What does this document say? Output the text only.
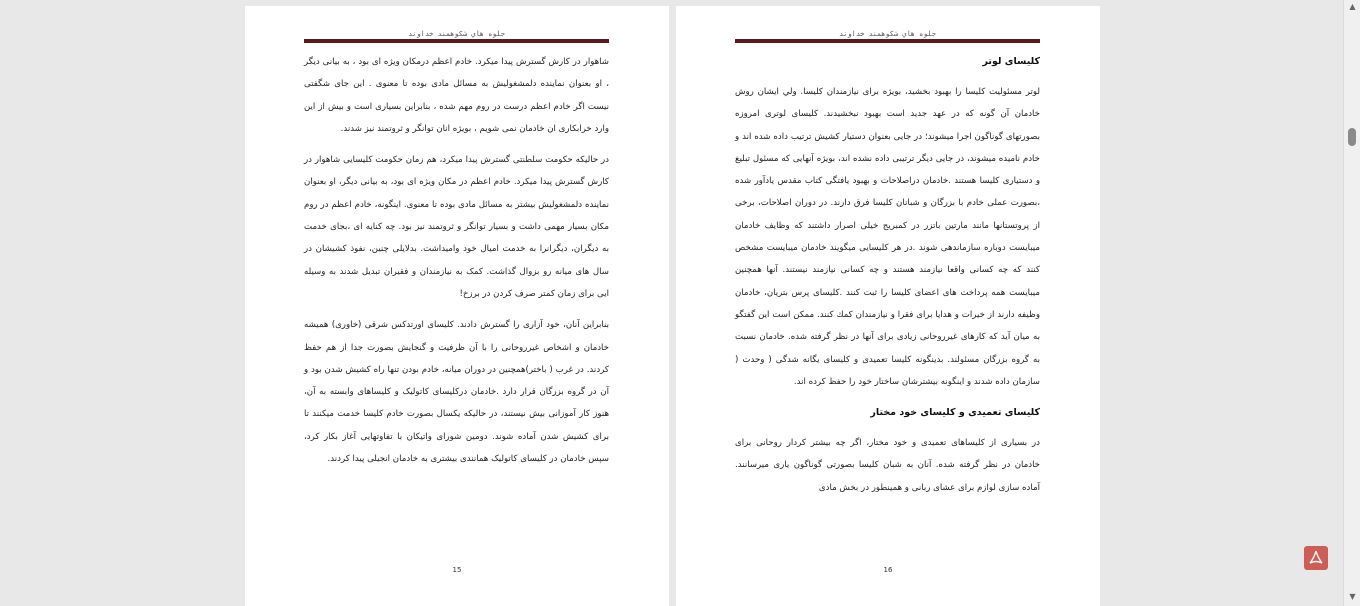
جلوه هاي شكوهمند خداوند

شاهوار در کارش گسترش پیدا میکرد. خادم اعظم درمکان ویژه ای بود ، به بیانی دیگر ، او بعنوان نماینده دلمشغولیش به مسائل مادی بوده تا معنوی . این جای شگفتی نیست اگر خادم اعظم درست در روم مهم شده ، بنابراین بسیاری است و بیش از این وارد خرابکاری ان خادمان نمی شویم ، بویژه انان توانگر و ثروتمند نیز شدند.

در حالیکه حکومت سلطنتی گسترش پیدا میکرد، هم زمان حکومت کلیسایی شاهوار در کارش گسترش پیدا میکرد. خادم اعظم در مکان ویژه ای بود، به بیانی دیگر، او بعنوان نماینده دلمشغولیش بیشتر به مسائل مادی بوده تا معنوی. اینگونه، خادم اعظم در روم مکان بسیار مهمی داشت و بسیار توانگر و ثروتمند نیز بود. چه کنایه ای ،بجای خدمت به دیگران، دیگرانرا به خدمت امیال خود وامیداشت. بدلایلی چنین، نفوذ کشیشان در سال های میانه رو بزوال گذاشت. کمک به نیازمندان و فقیران تبدیل شدند به وسیله ایی برای زمان کمتر صرف کردن در برزخ!

بنابراین آنان، خود آزاری را گسترش دادند. کلیسای اورتدکس شرقی (خاوری) همیشه خادمان و اشخاص غیرروحانی را با آن ظرفیت و گنجایش بصورت جدا از هم حفظ کردند. در غرب ( باختر)همچنین در دوران میانه، خادم بودن تنها راه کشیش شدن بود و آن در گروه بزرگان قرار دارد .خادمان درکلیسای کاتولیک و کلیساهای وابسته به آن، هنوز کار آموزانی بیش نیستند، در حالیکه یکسال بصورت خادم کلیسا خدمت میکنند تا برای کشیش شدن آماده شوند. دومین شورای واتیکان با تفاوتهایی آغاز بکار کرد، سپس خادمان در کلیسای کاتولیک همانندی بیشتری به خادمان انجیلی پیدا کردند.

15
جلوه هاي شكوهمند خداوند
کلیسای لوتر

لوتر مسئولیت کلیسا را بهبود بخشید، بویژه برای نیازمندان کلیسا. ولي ایشان روش خادمان آن گونه که در عهد جدید است بهبود نبخشیدند. کلیسای لوتری امروزه بصورتهای گوناگون اجرا میشوند؛ در جایی بعنوان دستیار کشیش ترتیب داده شده اند و خادم نامیده میشوند، در جایی دیگر ترتیبی داده نشده اند، بویژه آنهایی که مسئول تبلیغ و دستیاری کلیسا هستند .خادمان دراصلاحات و بهبود یافتگی کتاب مقدس یادآور شده ،بصورت عملی خادم با بزرگان و شبانان کلیسا فرق دارند. در دوران اصلاحات، برخی از پروتستانها مانند مارتین باتزر در کمبریج خیلی اصرار داشتند که وظایف خادمان میبایست دوباره سازماندهی شوند .در هر کلیسایی میگویند خادمان میبایست مشخص کنند که چه کسانی واقعا نیازمند هستند و چه کسانی نیازمند نیستند. آنها همچنین میبایست همه پرداخت های اعضای کلیسا را ثبت کنند .کلیسای پرس بتریان، خادمان وظیفه دارند از خیرات و هدایا برای فقرا و نیازمندان کمك کنند. ممکن است این گفتگو به میان آید که کارهای غیرروحانی زیادی برای آنها در نظر گرفته شده. خادمان نسبت به گروه بزرگان مسئولند. بدینگونه کلیسا تعمیدی و کلیسای یگانه شدگی ( وحدت ( سازمان داده شدند و اینگونه بیشترشان ساختار خود را حفظ کرده اند.

کلیسای تعمیدی و کلیسای خود مختار

در بسیاری از کلیساهای تعمیدی و خود مختار، اگر چه بیشتر کردار روحانی برای خادمان در نظر گرفته شده. آنان به شبان کلیسا بصورتی گوناگون یاری میرسانند. آماده سازی لوازم برای عشای ربانی و همینطور در بخش مادی

16
▲
▼
